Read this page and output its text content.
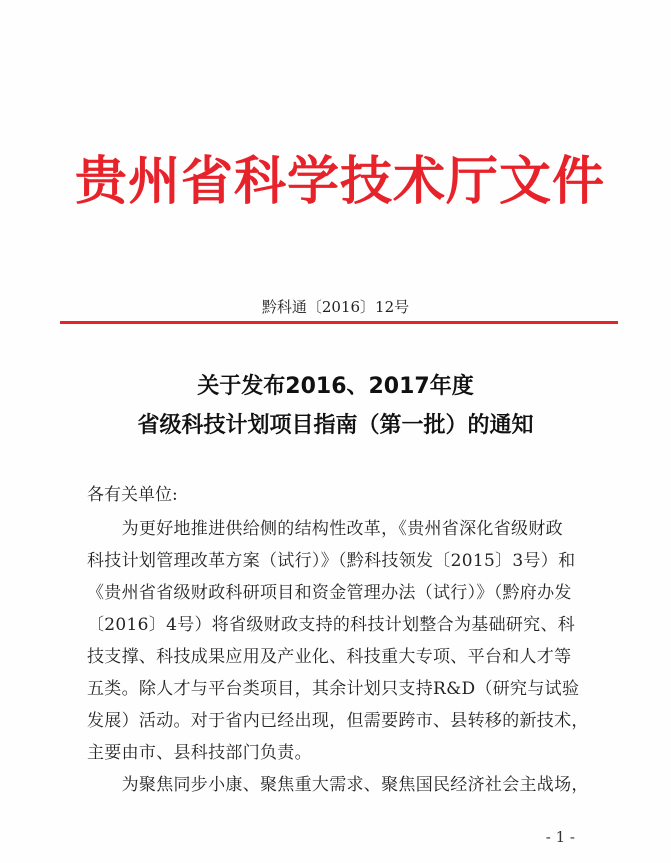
贵州省科学技术厅文件
黔科通〔2016〕12号
关于发布2016、2017年度
省级科技计划项目指南（第一批）的通知
各有关单位:
　　为更好地推进供给侧的结构性改革，《贵州省深化省级财政
科技计划管理改革方案（试行）》（黔科技领发〔2015〕3号）和
《贵州省省级财政科研项目和资金管理办法（试行）》（黔府办发
〔2016〕4号）将省级财政支持的科技计划整合为基础研究、科
技支撑、科技成果应用及产业化、科技重大专项、平台和人才等
五类。除人才与平台类项目，其余计划只支持R&D（研究与试验
发展）活动。对于省内已经出现，但需要跨市、县转移的新技术，
主要由市、县科技部门负责。
　　为聚焦同步小康、聚焦重大需求、聚焦国民经济社会主战场，
- 1 -
